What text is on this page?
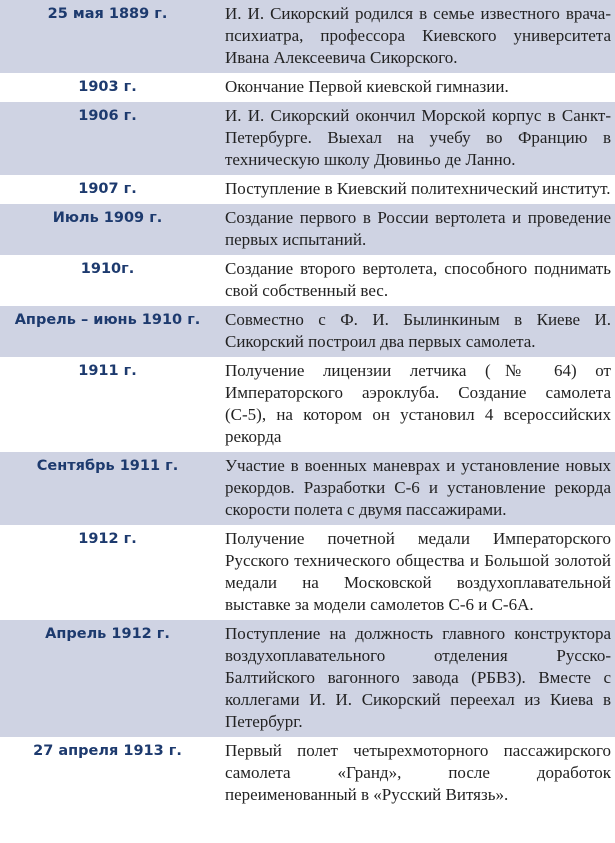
25 мая 1889 г.	И. И. Сикорский родился в семье известного врача-психиатра, профессора Киевского университета Ивана Алексеевича Сикорского.
1903 г.	Окончание Первой киевской гимназии.
1906 г.	И. И. Сикорский окончил Морской корпус в Санкт-Петербурге. Выехал на учебу во Францию в техническую школу Дювиньо де Ланно.
1907 г.	Поступление в Киевский политехнический институт.
Июль 1909 г.	Создание первого в России вертолета и проведение первых испытаний.
1910г.	Создание второго вертолета, способного поднимать свой собственный вес.
Апрель – июнь 1910 г.	Совместно с Ф. И. Былинкиным в Киеве И. Сикорский построил два первых самолета.
1911 г.	Получение лицензии летчика (№ 64) от Императорского аэроклуба. Создание самолета (С-5), на котором он установил 4 всероссийских рекорда
Сентябрь 1911 г.	Участие в военных маневрах и установление новых рекордов. Разработки С-6 и установление рекорда скорости полета с двумя пассажирами.
1912 г.	Получение почетной медали Императорского Русского технического общества и Большой золотой медали на Московской воздухоплавательной выставке за модели самолетов С-6 и С-6А.
Апрель 1912 г.	Поступление на должность главного конструктора воздухоплавательного отделения Русско-Балтийского вагонного завода (РБВЗ). Вместе с коллегами И. И. Сикорский переехал из Киева в Петербург.
27 апреля 1913 г.	Первый полет четырехмоторного пассажирского самолета «Гранд», после доработок переименованный в «Русский Витязь».
